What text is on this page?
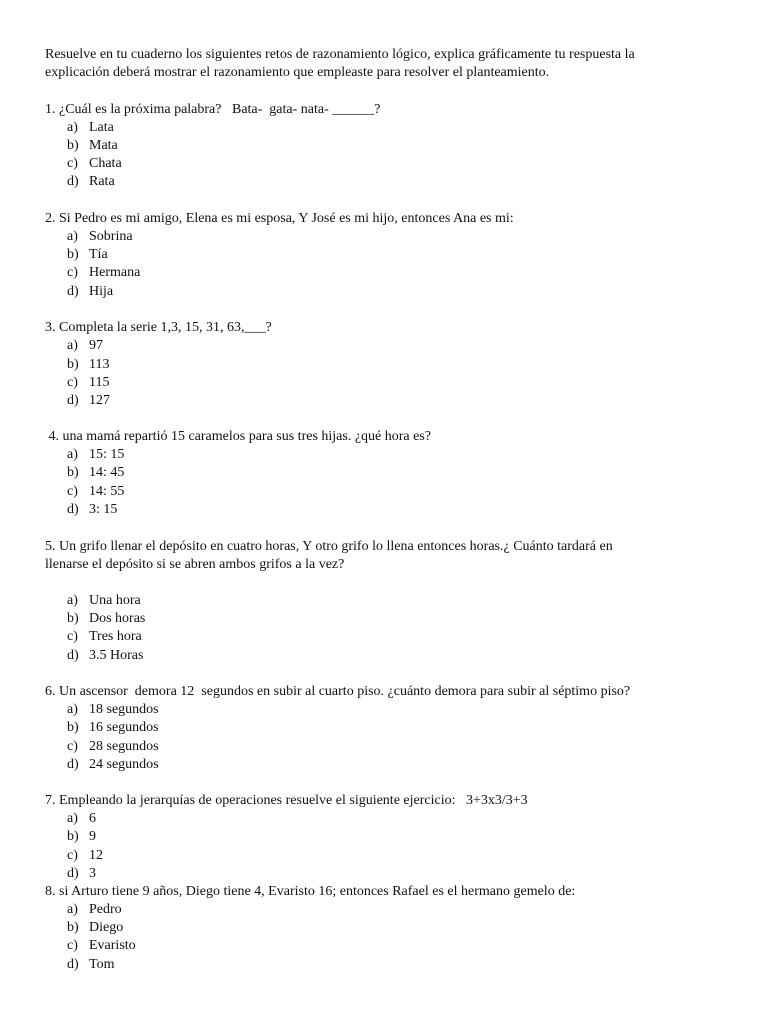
Resuelve en tu cuaderno los siguientes retos de razonamiento lógico, explica gráficamente tu respuesta la
explicación deberá mostrar el razonamiento que empleaste para resolver el planteamiento.
1. ¿Cuál es la próxima palabra?   Bata-  gata- nata- ______?
a) Lata
b) Mata
c) Chata
d) Rata
2. Si Pedro es mi amigo, Elena es mi esposa, Y José es mi hijo, entonces Ana es mi:
a) Sobrina
b) Tía
c) Hermana
d) Hija
3. Completa la serie 1,3, 15, 31, 63,___?
a) 97
b) 113
c) 115
d) 127
4. una mamá repartió 15 caramelos para sus tres hijas. ¿qué hora es?
a) 15: 15
b) 14: 45
c) 14: 55
d) 3: 15
5. Un grifo llenar el depósito en cuatro horas, Y otro grifo lo llena entonces horas.¿ Cuánto tardará en
llenarse el depósito si se abren ambos grifos a la vez?
a) Una hora
b) Dos horas
c) Tres hora
d) 3.5 Horas
6. Un ascensor  demora 12  segundos en subir al cuarto piso. ¿cuánto demora para subir al séptimo piso?
a) 18 segundos
b) 16 segundos
c) 28 segundos
d) 24 segundos
7. Empleando la jerarquías de operaciones resuelve el siguiente ejercicio:   3+3x3/3+3
a) 6
b) 9
c) 12
d) 3
8. si Arturo tiene 9 años, Diego tiene 4, Evaristo 16; entonces Rafael es el hermano gemelo de:
a) Pedro
b) Diego
c) Evaristo
d) Tom
